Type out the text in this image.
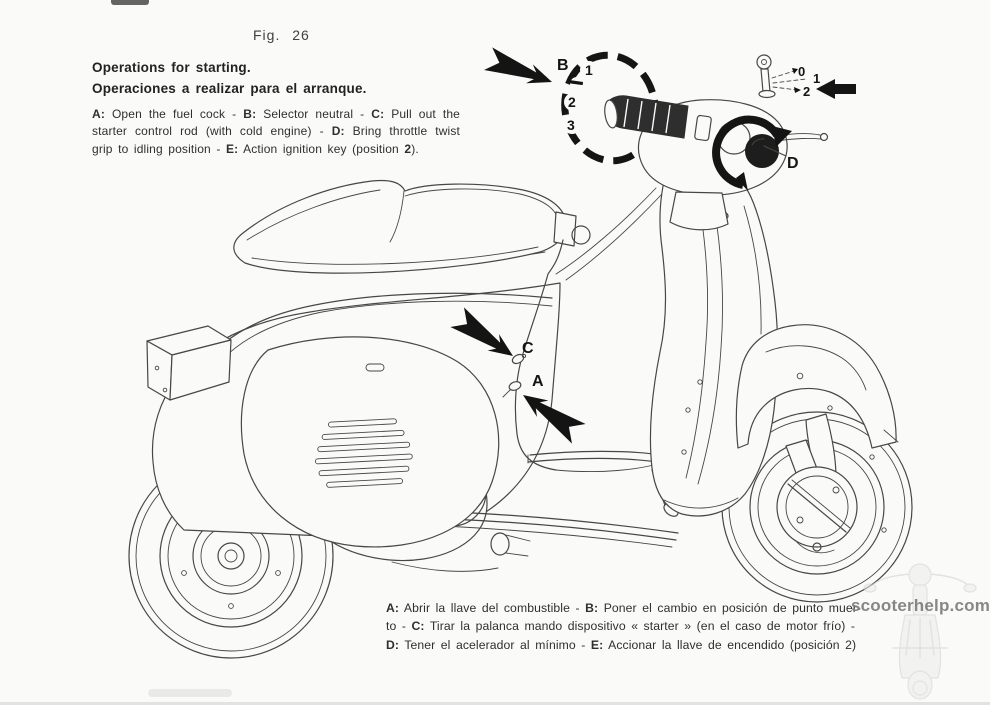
Fig. 26
Operations for starting.
Operaciones a realizar para el arranque.
A: Open the fuel cock - B: Selector neutral - C: Pull out the starter control rod (with cold engine) - D: Bring throttle twist grip to idling position - E: Action ignition key (position 2).
1
2
3
D
B
C
A
0 1
2
A: Abrir la llave del combustible - B: Poner el cambio en posición de punto muer-
to - C: Tirar la palanca mando dispositivo « starter » (en el caso de motor frío) -
D: Tener el acelerador al mínimo - E: Accionar la llave de encendido (posición 2)
scooterhelp.com
